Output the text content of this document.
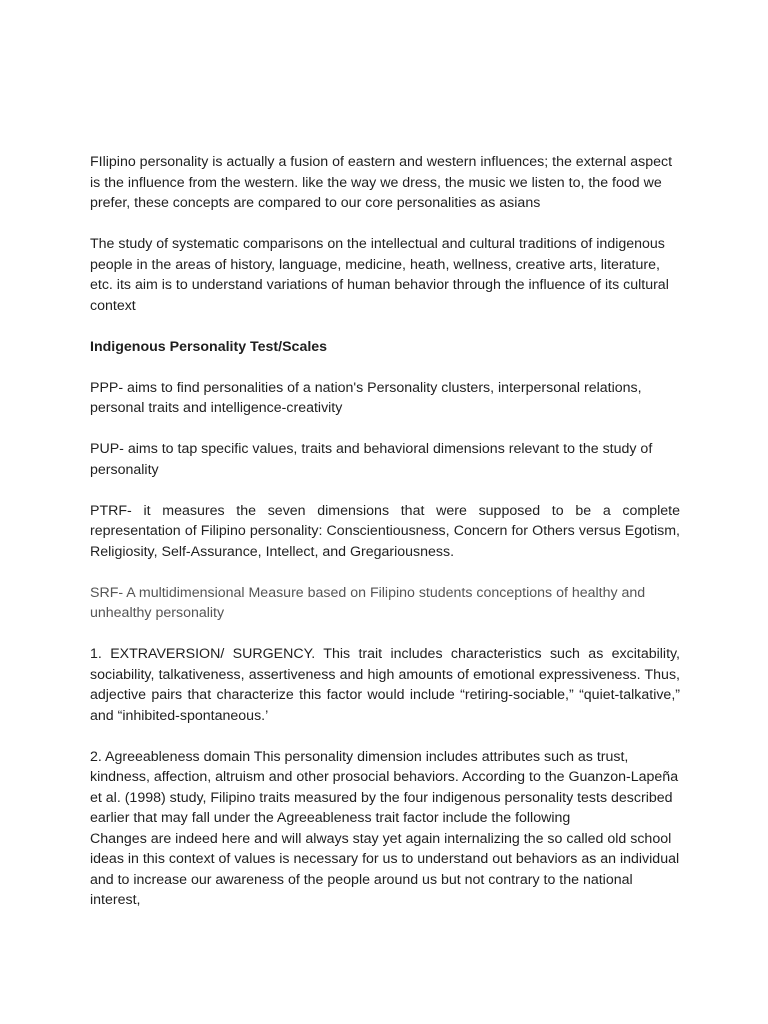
FIlipino personality is actually a fusion of eastern and western influences; the external aspect is the influence from the western. like the way we dress, the music we listen to, the food we prefer, these concepts are compared to our core personalities as asians

The study of systematic comparisons on the intellectual and cultural traditions of indigenous people in the areas of history, language, medicine, heath, wellness, creative arts, literature, etc. its aim is to understand variations of human behavior through the influence of its cultural context

Indigenous Personality Test/Scales

PPP- aims to find personalities of a nation's Personality clusters, interpersonal relations, personal traits and intelligence-creativity

PUP- aims to tap specific values, traits and behavioral dimensions relevant to the study of personality

PTRF- it measures the seven dimensions that were supposed to be a complete representation of Filipino personality: Conscientiousness, Concern for Others versus Egotism, Religiosity, Self-Assurance, Intellect, and Gregariousness.

SRF- A multidimensional Measure based on Filipino students conceptions of healthy and unhealthy personality

1. EXTRAVERSION/ SURGENCY. This trait includes characteristics such as excitability, sociability, talkativeness, assertiveness and high amounts of emotional expressiveness. Thus, adjective pairs that characterize this factor would include “retiring-sociable,” “quiet-talkative,” and “inhibited-spontaneous.’

2. Agreeableness domain This personality dimension includes attributes such as trust, kindness, affection, altruism and other prosocial behaviors. According to the Guanzon-Lapeña et al. (1998) study, Filipino traits measured by the four indigenous personality tests described earlier that may fall under the Agreeableness trait factor include the following

Changes are indeed here and will always stay yet again internalizing the so called old school ideas in this context of values is necessary for us to understand out behaviors as an individual and to increase our awareness of the people around us but not contrary to the national interest,
